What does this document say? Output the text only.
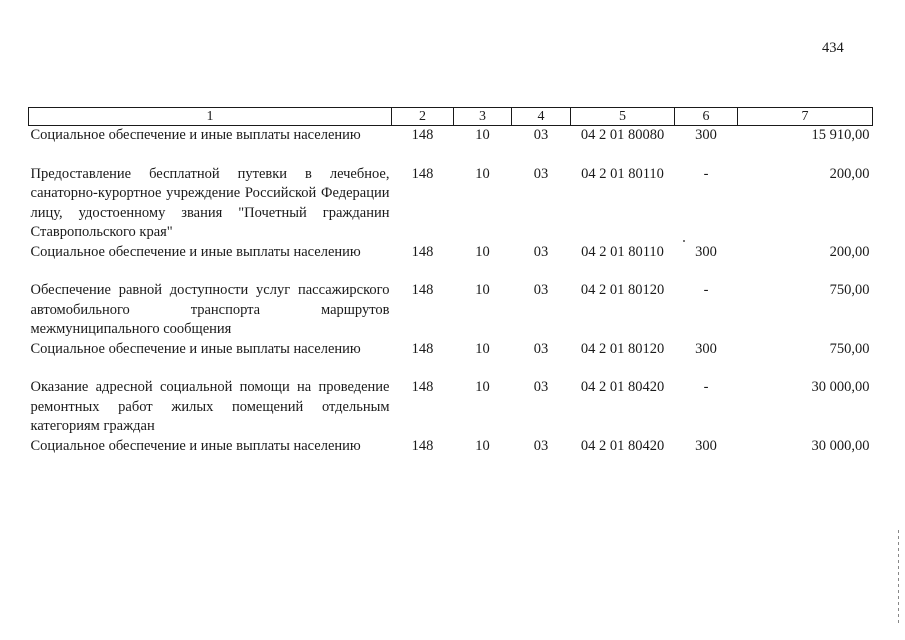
434
1	2	3	4	5	6	7
Социальное обеспечение и иные выплаты населению	148	10	03	04 2 01 80080	300	15 910,00

Предоставление бесплатной путевки в лечебное, санаторно-курортное учреждение Российской Федерации лицу, удостоенному звания "Почетный гражданин Ставропольского края"	148	10	03	04 2 01 80110	-	200,00
Социальное обеспечение и иные выплаты населению	148	10	03	04 2 01 80110	300	200,00

Обеспечение равной доступности услуг пассажирского автомобильного транспорта маршрутов межмуниципального сообщения	148	10	03	04 2 01 80120	-	750,00
Социальное обеспечение и иные выплаты населению	148	10	03	04 2 01 80120	300	750,00

Оказание адресной социальной помощи на проведение ремонтных работ жилых помещений отдельным категориям граждан	148	10	03	04 2 01 80420	-	30 000,00
Социальное обеспечение и иные выплаты населению	148	10	03	04 2 01 80420	300	30 000,00
